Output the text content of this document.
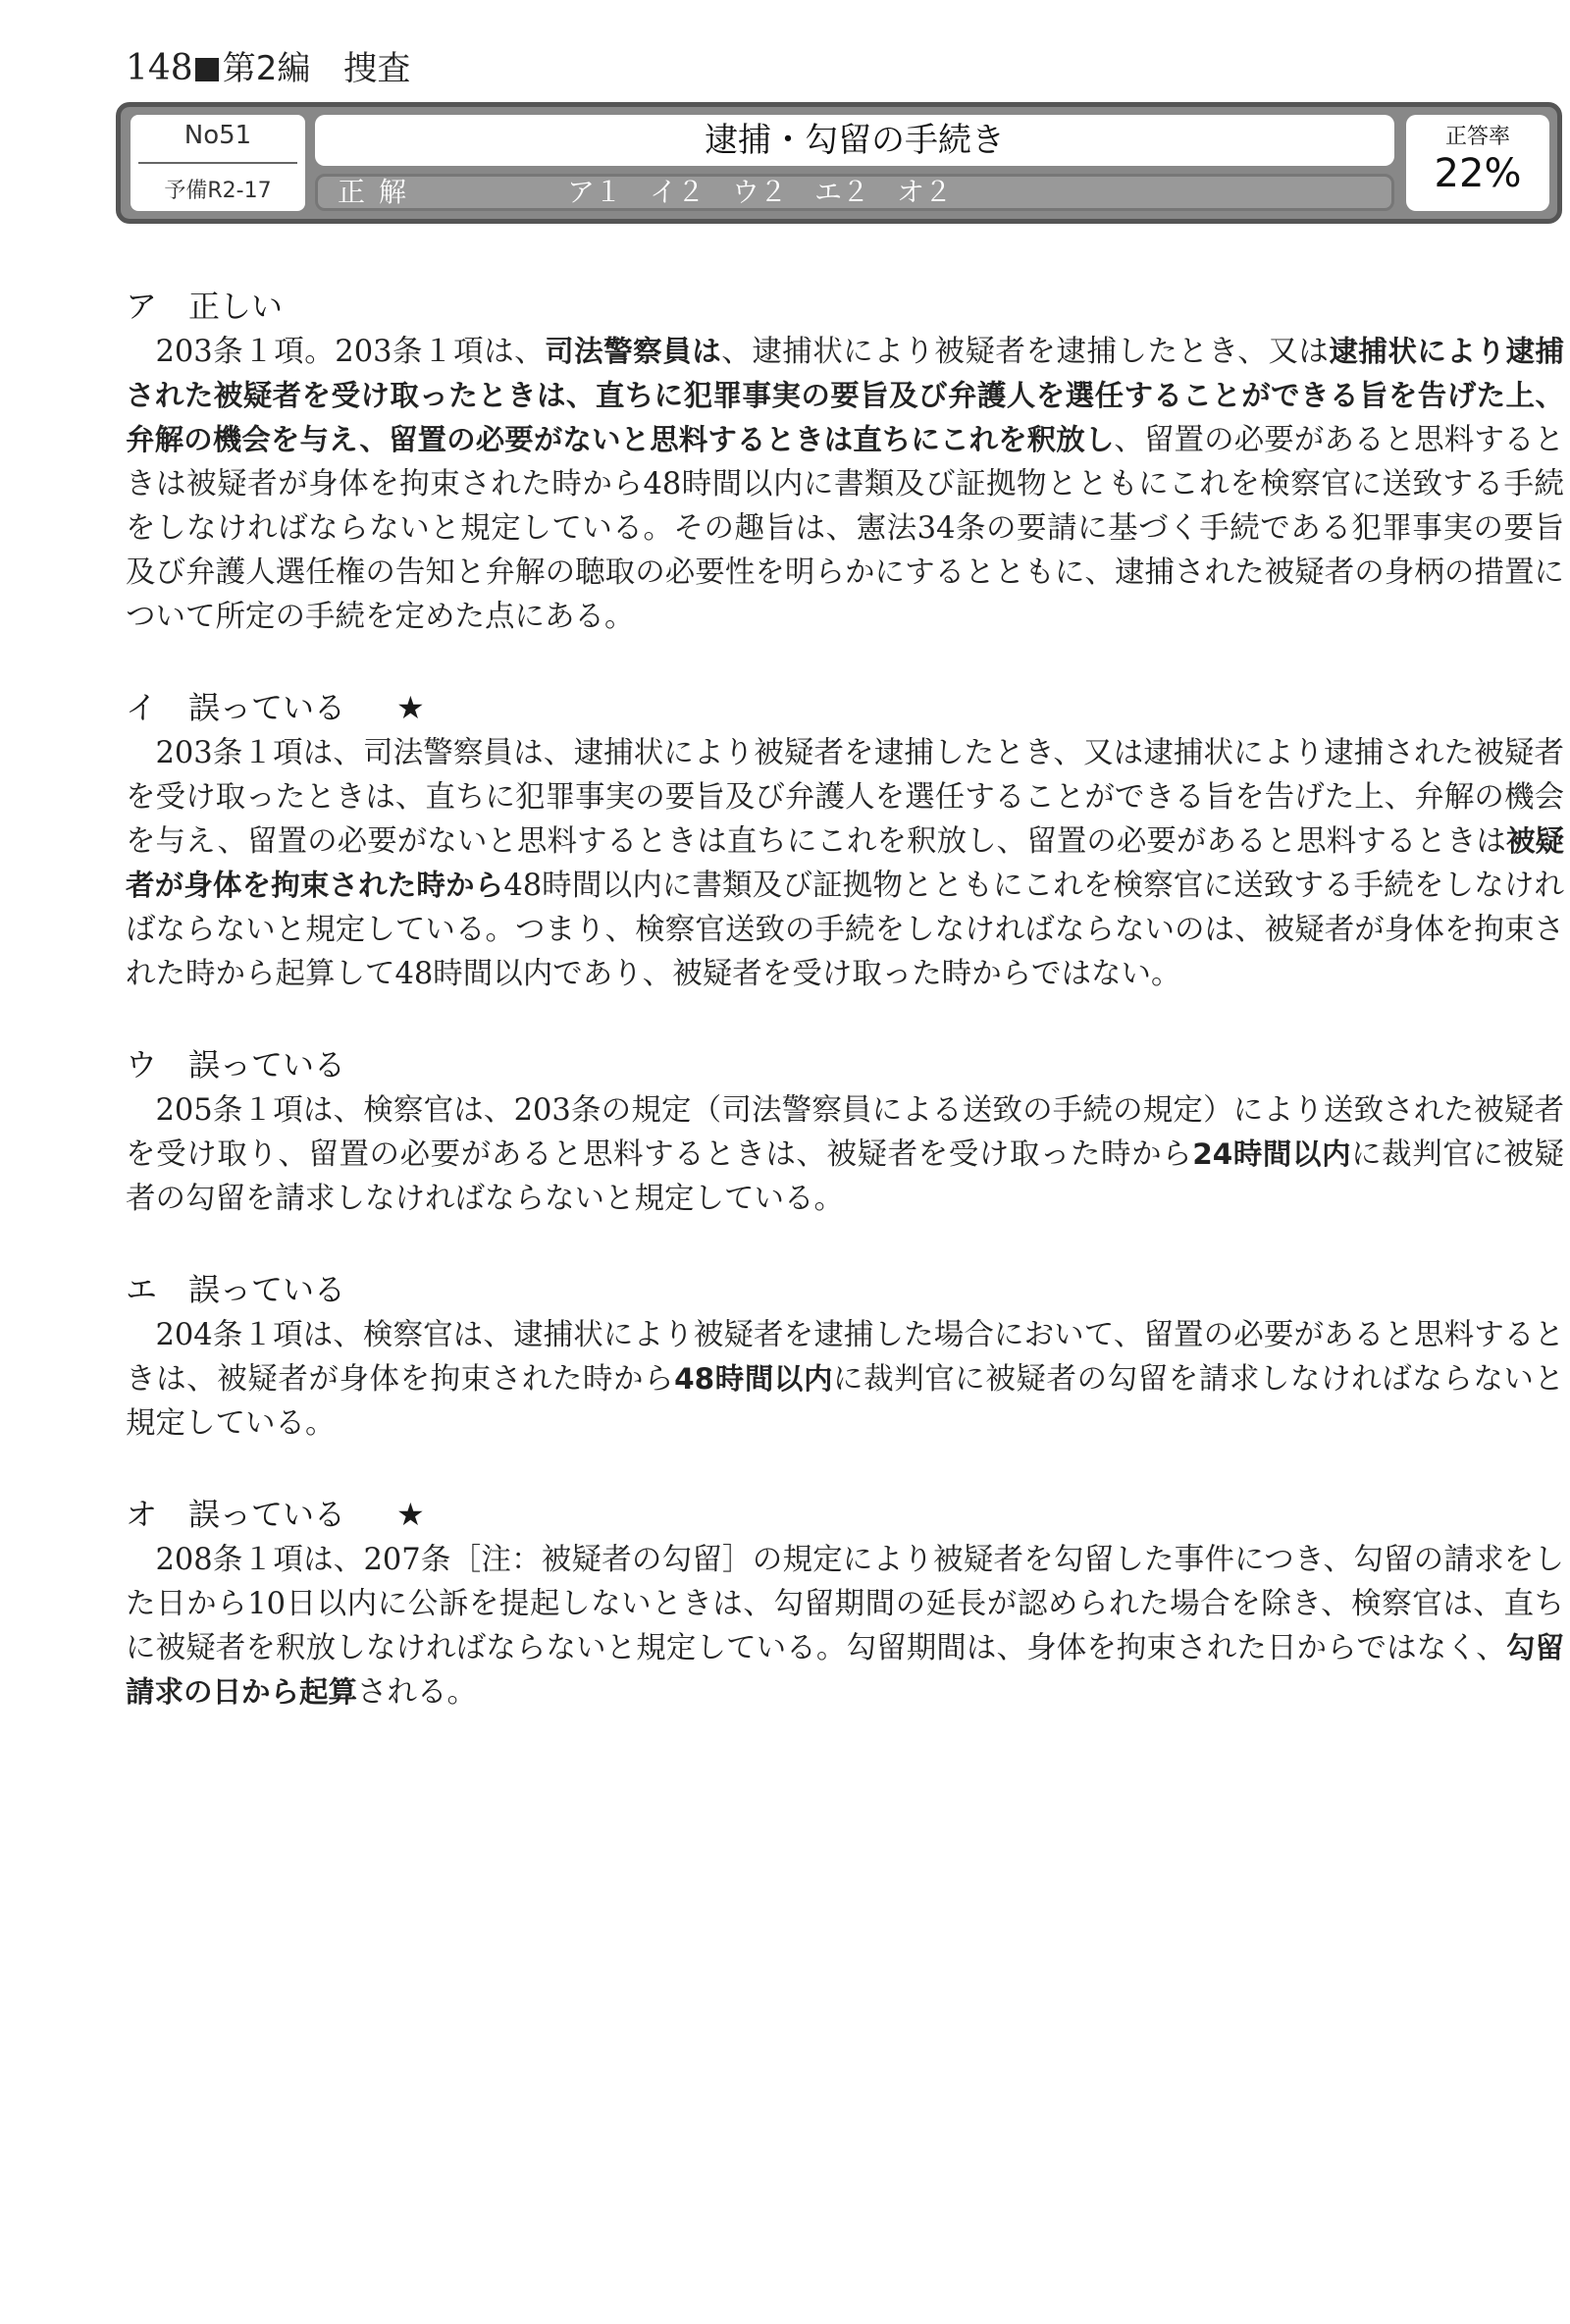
148 第2編　捜査
No51
予備R2-17
逮捕・勾留の手続き
正解	ア１　イ２　ウ２　エ２　オ２
正答率
22%
ア　正しい

203条１項。203条１項は、司法警察員は、逮捕状により被疑者を逮捕したとき、又は逮捕状により逮捕された被疑者を受け取ったときは、直ちに犯罪事実の要旨及び弁護人を選任することができる旨を告げた上、弁解の機会を与え、留置の必要がないと思料するときは直ちにこれを釈放し、留置の必要があると思料するときは被疑者が身体を拘束された時から48時間以内に書類及び証拠物とともにこれを検察官に送致する手続をしなければならないと規定している。その趣旨は、憲法34条の要請に基づく手続である犯罪事実の要旨及び弁護人選任権の告知と弁解の聴取の必要性を明らかにするとともに、逮捕された被疑者の身柄の措置について所定の手続を定めた点にある。

イ　誤っている ★

203条１項は、司法警察員は、逮捕状により被疑者を逮捕したとき、又は逮捕状により逮捕された被疑者を受け取ったときは、直ちに犯罪事実の要旨及び弁護人を選任することができる旨を告げた上、弁解の機会を与え、留置の必要がないと思料するときは直ちにこれを釈放し、留置の必要があると思料するときは被疑者が身体を拘束された時から48時間以内に書類及び証拠物とともにこれを検察官に送致する手続をしなければならないと規定している。つまり、検察官送致の手続をしなければならないのは、被疑者が身体を拘束された時から起算して48時間以内であり、被疑者を受け取った時からではない。

ウ　誤っている

205条１項は、検察官は、203条の規定（司法警察員による送致の手続の規定）により送致された被疑者を受け取り、留置の必要があると思料するときは、被疑者を受け取った時から24時間以内に裁判官に被疑者の勾留を請求しなければならないと規定している。

エ　誤っている

204条１項は、検察官は、逮捕状により被疑者を逮捕した場合において、留置の必要があると思料するときは、被疑者が身体を拘束された時から48時間以内に裁判官に被疑者の勾留を請求しなければならないと規定している。

オ　誤っている ★

208条１項は、207条［注：被疑者の勾留］の規定により被疑者を勾留した事件につき、勾留の請求をした日から10日以内に公訴を提起しないときは、勾留期間の延長が認められた場合を除き、検察官は、直ちに被疑者を釈放しなければならないと規定している。勾留期間は、身体を拘束された日からではなく、勾留請求の日から起算される。
